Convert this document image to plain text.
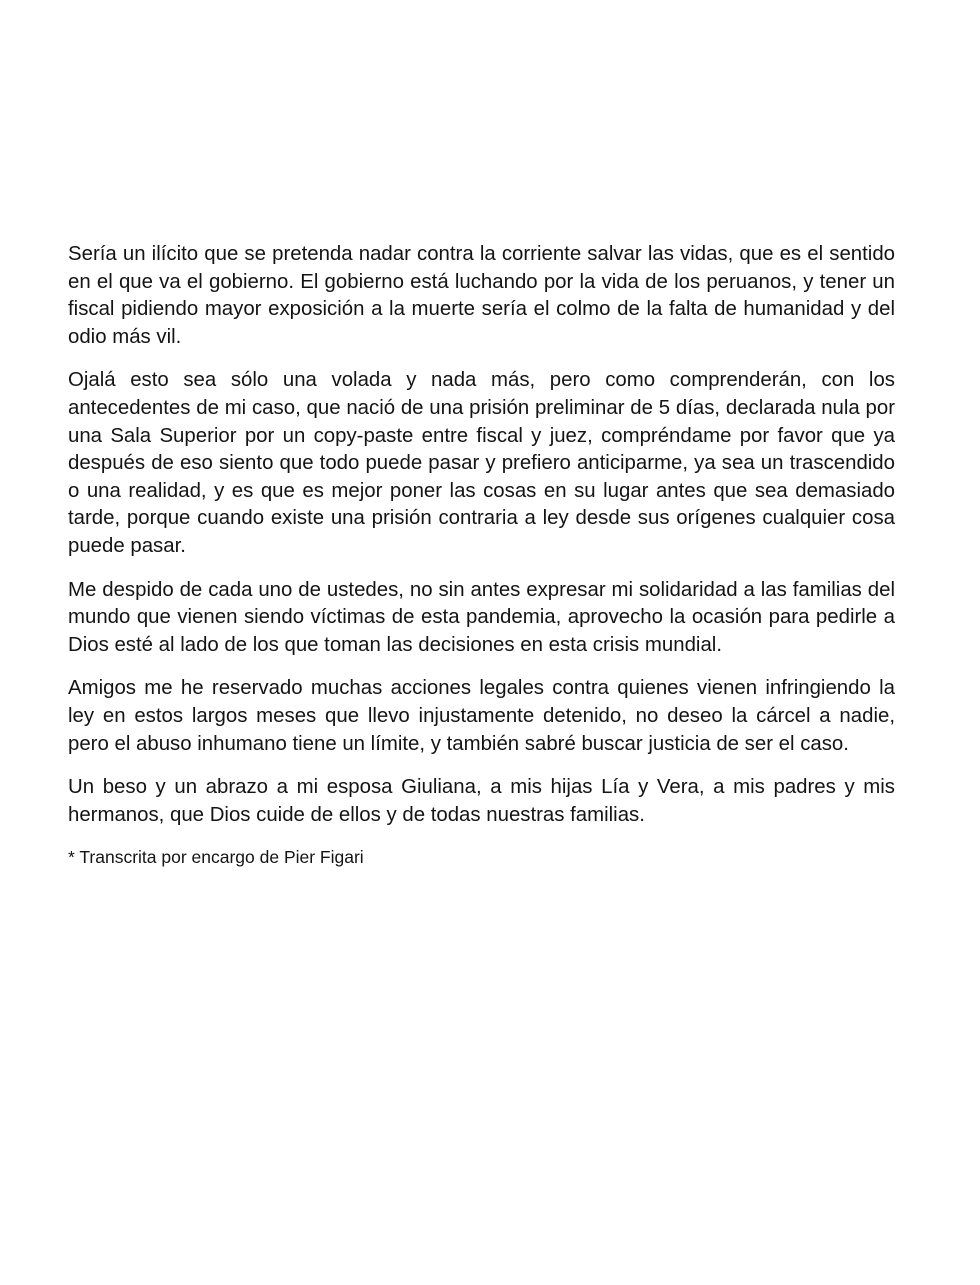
Sería un ilícito que se pretenda nadar contra la corriente salvar las vidas, que es el sentido en el que va el gobierno. El gobierno está luchando por la vida de los peruanos, y tener un fiscal pidiendo mayor exposición a la muerte sería el colmo de la falta de humanidad y del odio más vil.

Ojalá esto sea sólo una volada y nada más, pero como comprenderán, con los antecedentes de mi caso, que nació de una prisión preliminar de 5 días, declarada nula por una Sala Superior por un copy-paste entre fiscal y juez, compréndame por favor que ya después de eso siento que todo puede pasar y prefiero anticiparme, ya sea un trascendido o una realidad, y es que es mejor poner las cosas en su lugar antes que sea demasiado tarde, porque cuando existe una prisión contraria a ley desde sus orígenes cualquier cosa puede pasar.

Me despido de cada uno de ustedes, no sin antes expresar mi solidaridad a las familias del mundo que vienen siendo víctimas de esta pandemia, aprovecho la ocasión para pedirle a Dios esté al lado de los que toman las decisiones en esta crisis mundial.

Amigos me he reservado muchas acciones legales contra quienes vienen infringiendo la ley en estos largos meses que llevo injustamente detenido, no deseo la cárcel a nadie, pero el abuso inhumano tiene un límite, y también sabré buscar justicia de ser el caso.

Un beso y un abrazo a mi esposa Giuliana, a mis hijas Lía y Vera, a mis padres y mis hermanos, que Dios cuide de ellos y de todas nuestras familias.

* Transcrita por encargo de Pier Figari
